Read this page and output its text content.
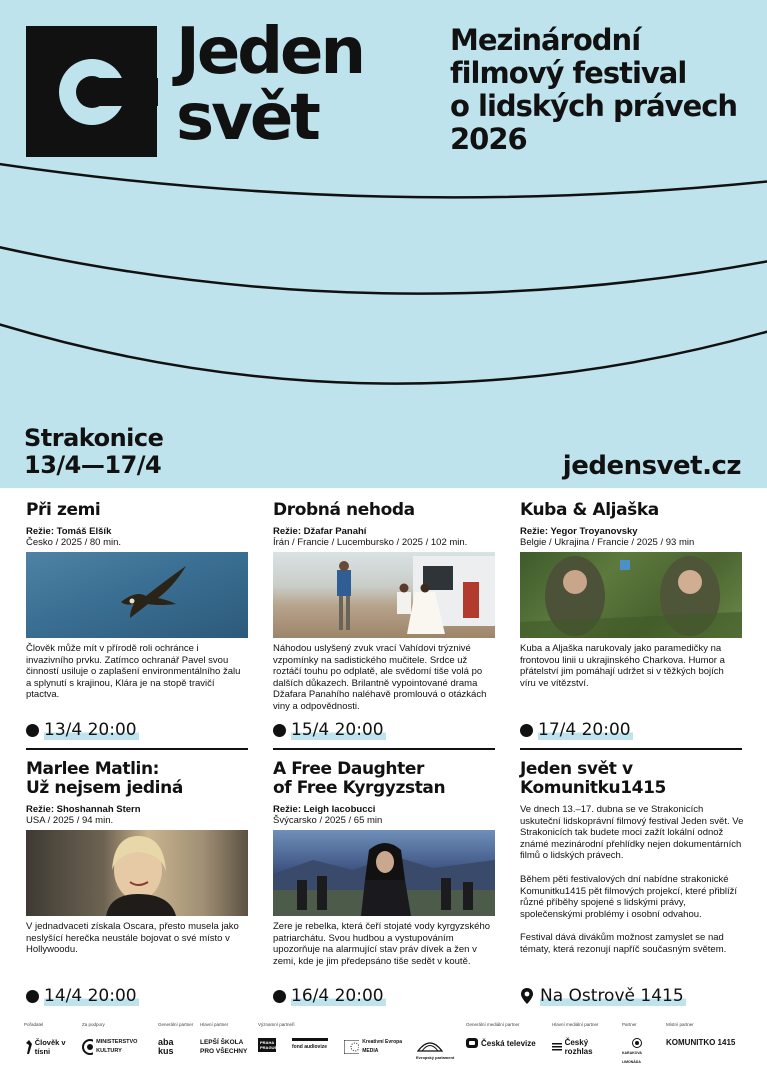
Jeden
svět
Mezinárodní
filmový festival
o lidských právech
2026
Strakonice
13/4—17/4	jedensvet.cz
Při zemi
Režie: Tomáš Elšík
Česko / 2025 / 80 min.
Člověk může mít v přírodě roli ochránce i invazivního prvku. Zatímco ochranář Pavel svou činností usiluje o zaplašení environmentálního žalu a splynutí s krajinou, Klára je na stopě travičí ptactva.
Drobná nehoda
Režie: Džafar Panahí
Írán / Francie / Lucembursko / 2025 / 102 min.
Náhodou uslyšený zvuk vrací Vahídovi trýznivé vzpomínky na sadistického mučitele. Srdce už roztáčí touhu po odplatě, ale svědomí tiše volá po dalších důkazech. Brilantně vypointované drama Džafara Panahího naléhavě promlouvá o otázkách viny a odpovědnosti.
Kuba & Aljaška
Režie: Yegor Troyanovsky
Belgie / Ukrajina / Francie / 2025 / 93 min
Kuba a Aljaška narukovaly jako paramedičky na frontovou linii u ukrajinského Charkova. Humor a přátelství jim pomáhají udržet si v těžkých bojích víru ve vítězství.
13/4 20:00	15/4 20:00	17/4 20:00
Marlee Matlin:
Už nejsem jediná
Režie: Shoshannah Stern
USA / 2025 / 94 min.
V jednadvaceti získala Oscara, přesto musela jako neslyšící herečka neustále bojovat o své místo v Hollywoodu.
A Free Daughter
of Free Kyrgyzstan
Režie: Leigh Iacobucci
Švýcarsko / 2025 / 65 min
Zere je rebelka, která čeří stojaté vody kyrgyzského patriarchátu. Svou hudbou a vystupováním upozorňuje na alarmující stav práv dívek a žen v zemi, kde je jim předepsáno tiše sedět v koutě.
Jeden svět v
Komunitku1415

Ve dnech 13.–17. dubna se ve Strakonicích uskuteční lidskoprávní filmový festival Jeden svět. Ve Strakonicích tak budete moci zažít lokální odnož známé mezinárodní přehlídky nejen dokumentárních filmů o lidských právech.

Během pěti festivalových dní nabídne strakonické Komunitku1415 pět filmových projekcí, které přiblíží různé příběhy spojené s lidskými právy, společenskými problémy i osobní odvahou.

Festival dává divákům možnost zamyslet se nad tématy, která rezonují napříč současným světem.

14/4 20:00	16/4 20:00	Na Ostrově 1415
Pořadatel
Člověk v tísni
Za podpory
MINISTERSTVO KULTURY
Generální partner
aba kus
Hlavní partner
LEPŠÍ ŠKOLA PRO VŠECHNY
Významní partneři
PRAHA PRAGUE	fond audiovize
Kreativní Evropa MEDIA
Evropský parlament
Generální mediální partner
Česká televize
Hlavní mediální partner
Český rozhlas
Partner
KARAKOVA LIMONÁDA
Místní partner
KOMUNITKO 1415
